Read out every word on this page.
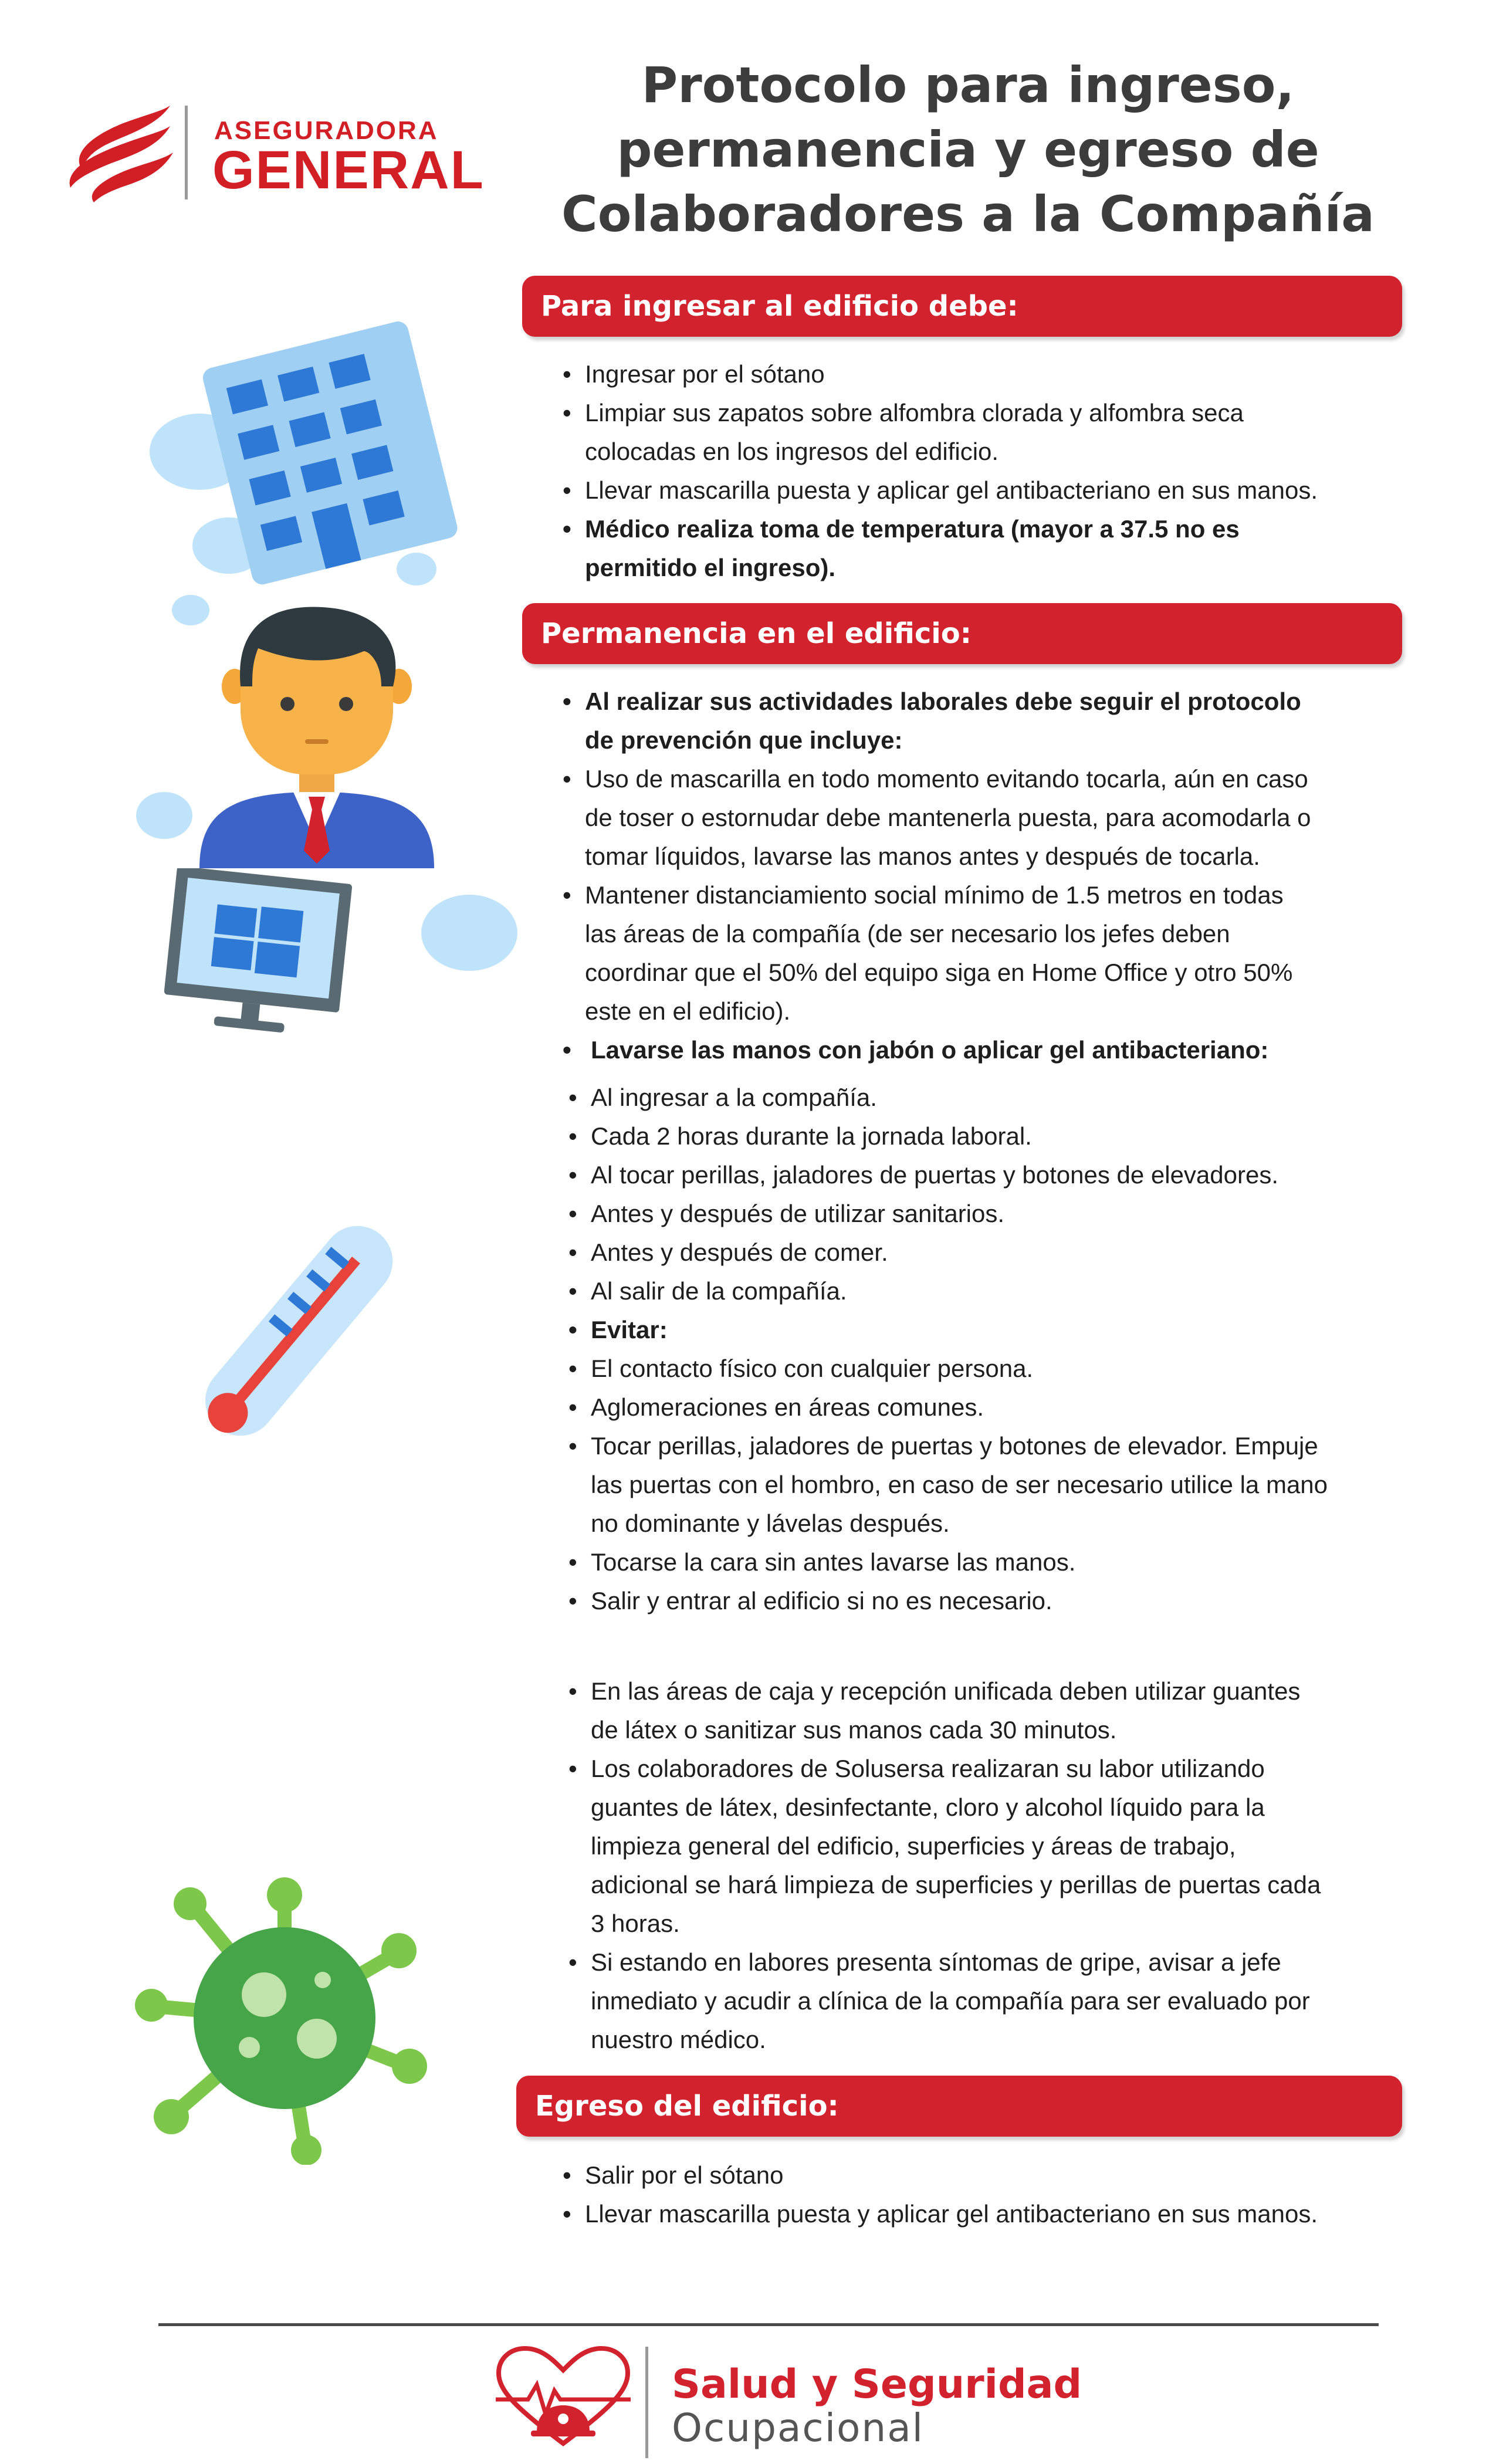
ASEGURADORA
GENERAL
Protocolo para ingreso,
permanencia y egreso de
Colaboradores a la Compañía
Para ingresar al edificio debe:
• Ingresar por el sótano
• Limpiar sus zapatos sobre alfombra clorada y alfombra seca
colocadas en los ingresos del edificio.
• Llevar mascarilla puesta y aplicar gel antibacteriano en sus manos.
• Médico realiza toma de temperatura (mayor a 37.5 no es
permitido el ingreso).
Permanencia en el edificio:
• Al realizar sus actividades laborales debe seguir el protocolo
de prevención que incluye:
• Uso de mascarilla en todo momento evitando tocarla, aún en caso
de toser o estornudar debe mantenerla puesta, para acomodarla o
tomar líquidos, lavarse las manos antes y después de tocarla.
• Mantener distanciamiento social mínimo de 1.5 metros en todas
las áreas de la compañía (de ser necesario los jefes deben
coordinar que el 50% del equipo siga en Home Office y otro 50%
este en el edificio).
• Lavarse las manos con jabón o aplicar gel antibacteriano:
• Al ingresar a la compañía.
• Cada 2 horas durante la jornada laboral.
• Al tocar perillas, jaladores de puertas y botones de elevadores.
• Antes y después de utilizar sanitarios.
• Antes y después de comer.
• Al salir de la compañía.
• Evitar:
• El contacto físico con cualquier persona.
• Aglomeraciones en áreas comunes.
• Tocar perillas, jaladores de puertas y botones de elevador. Empuje
las puertas con el hombro, en caso de ser necesario utilice la mano
no dominante y lávelas después.
• Tocarse la cara sin antes lavarse las manos.
• Salir y entrar al edificio si no es necesario.
• En las áreas de caja y recepción unificada deben utilizar guantes
de látex o sanitizar sus manos cada 30 minutos.
• Los colaboradores de Solusersa realizaran su labor utilizando
guantes de látex, desinfectante, cloro y alcohol líquido para la
limpieza general del edificio, superficies y áreas de trabajo,
adicional se hará limpieza de superficies y perillas de puertas cada
3 horas.
• Si estando en labores presenta síntomas de gripe, avisar a jefe
inmediato y acudir a clínica de la compañía para ser evaluado por
nuestro médico.
Egreso del edificio:
• Salir por el sótano
• Llevar mascarilla puesta y aplicar gel antibacteriano en sus manos.
Salud y Seguridad
Ocupacional
